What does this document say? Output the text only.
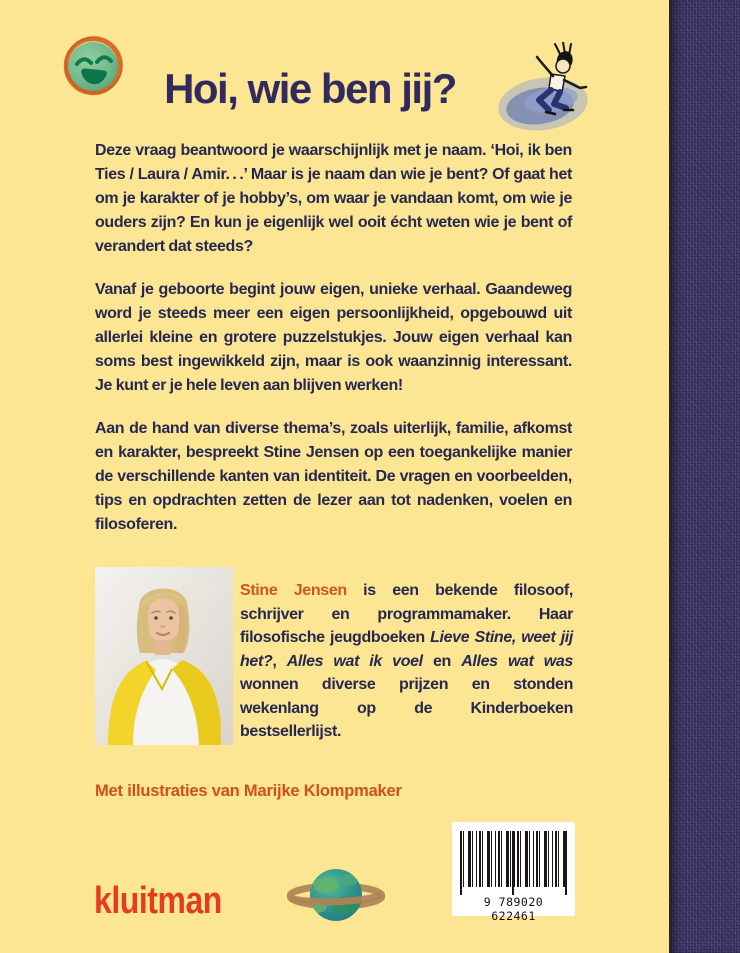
Hoi, wie ben jij?

Deze vraag beantwoord je waarschijnlijk met je naam. ‘Hoi, ik ben Ties / Laura / Amir. . .’ Maar is je naam dan wie je bent? Of gaat het om je karakter of je hobby’s, om waar je vandaan komt, om wie je ouders zijn? En kun je eigenlijk wel ooit écht weten wie je bent of verandert dat steeds?

Vanaf je geboorte begint jouw eigen, unieke verhaal. Gaandeweg word je steeds meer een eigen persoonlijkheid, opgebouwd uit allerlei kleine en grotere puzzelstukjes. Jouw eigen verhaal kan soms best ingewikkeld zijn, maar is ook waanzinnig interessant. Je kunt er je hele leven aan blijven werken!

Aan de hand van diverse thema’s, zoals uiterlijk, familie, afkomst en karakter, bespreekt Stine Jensen op een toegankelijke manier de verschillende kanten van identiteit. De vragen en voorbeelden, tips en opdrachten zetten de lezer aan tot nadenken, voelen en filosoferen.

Stine Jensen is een bekende filosoof, schrijver en programmamaker. Haar filosofische jeugdboeken Lieve Stine, weet jij het?, Alles wat ik voel en Alles wat was wonnen diverse prijzen en stonden wekenlang op de Kinderboeken bestsellerlijst.

Met illustraties van Marijke Klompmaker

9 789020 622461
kluitman
